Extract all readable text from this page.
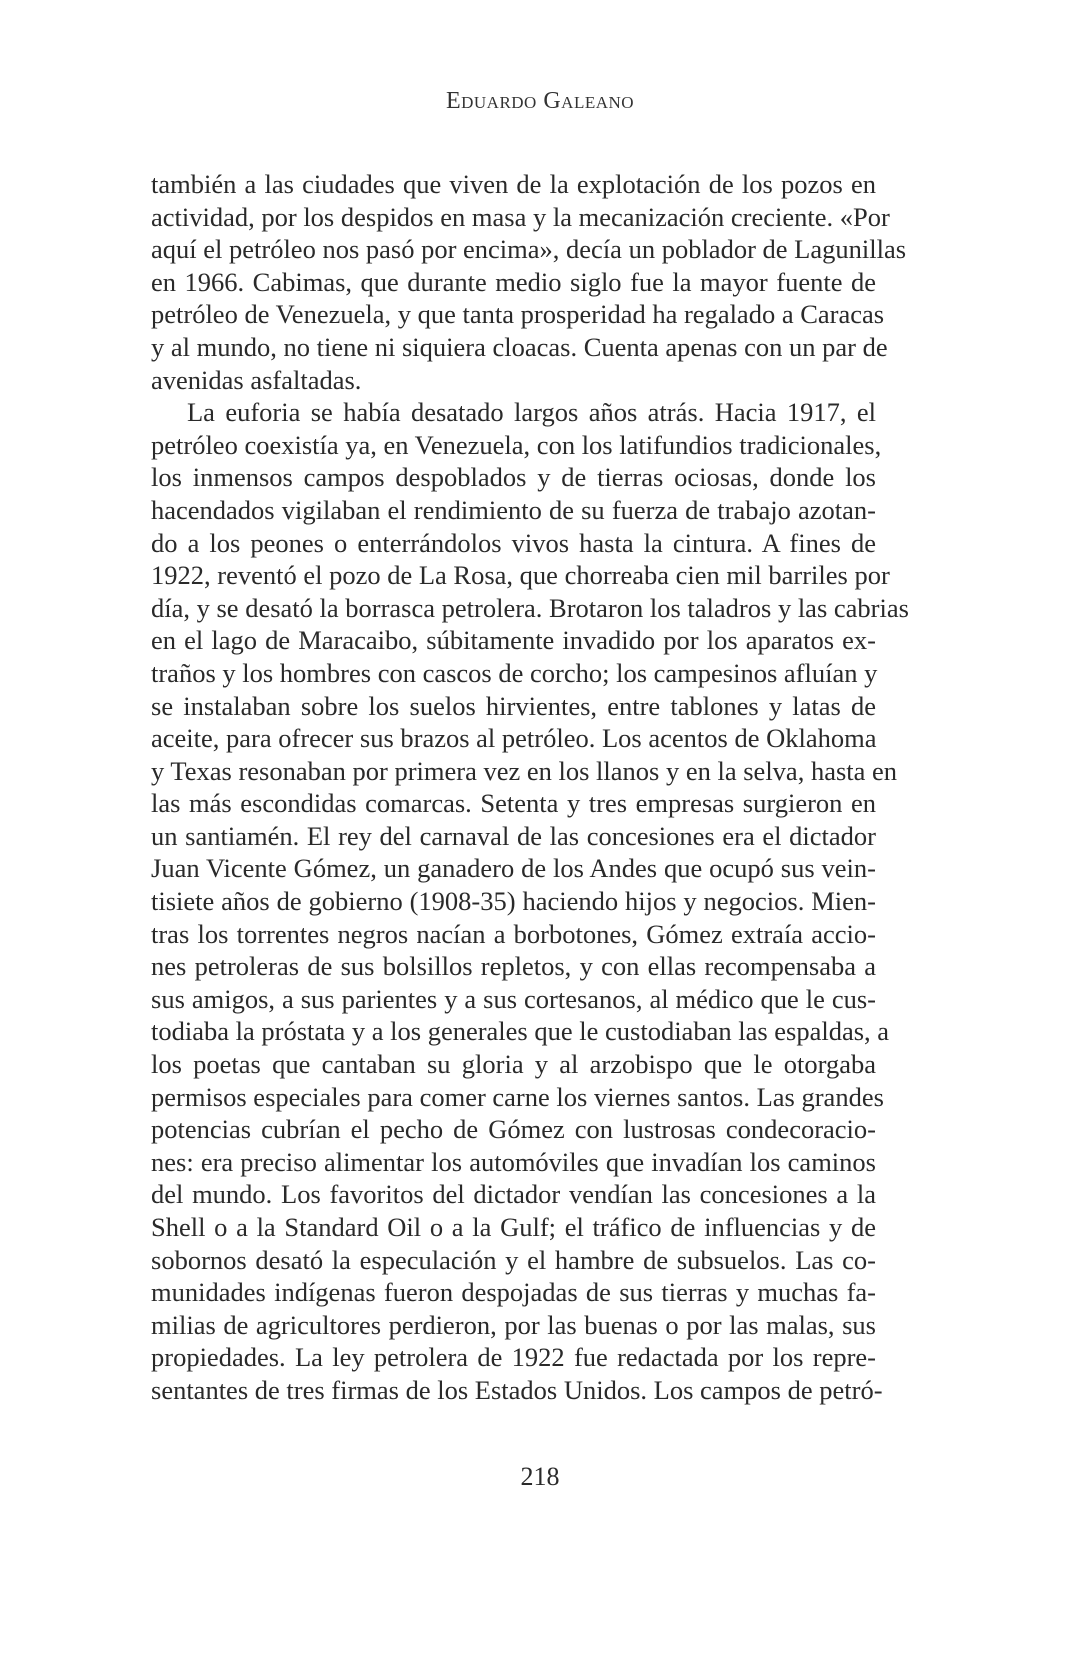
Eduardo Galeano
también a las ciudades que viven de la explotación de los pozos en
actividad, por los despidos en masa y la mecanización creciente. «Por
aquí el petróleo nos pasó por encima», decía un poblador de Lagunillas
en 1966. Cabimas, que durante medio siglo fue la mayor fuente de
petróleo de Venezuela, y que tanta prosperidad ha regalado a Caracas
y al mundo, no tiene ni siquiera cloacas. Cuenta apenas con un par de
avenidas asfaltadas.
La euforia se había desatado largos años atrás. Hacia 1917, el
petróleo coexistía ya, en Venezuela, con los latifundios tradicionales,
los inmensos campos despoblados y de tierras ociosas, donde los
hacendados vigilaban el rendimiento de su fuerza de trabajo azotan-
do a los peones o enterrándolos vivos hasta la cintura. A fines de
1922, reventó el pozo de La Rosa, que chorreaba cien mil barriles por
día, y se desató la borrasca petrolera. Brotaron los taladros y las cabrias
en el lago de Maracaibo, súbitamente invadido por los aparatos ex-
traños y los hombres con cascos de corcho; los campesinos afluían y
se instalaban sobre los suelos hirvientes, entre tablones y latas de
aceite, para ofrecer sus brazos al petróleo. Los acentos de Oklahoma
y Texas resonaban por primera vez en los llanos y en la selva, hasta en
las más escondidas comarcas. Setenta y tres empresas surgieron en
un santiamén. El rey del carnaval de las concesiones era el dictador
Juan Vicente Gómez, un ganadero de los Andes que ocupó sus vein-
tisiete años de gobierno (1908-35) haciendo hijos y negocios. Mien-
tras los torrentes negros nacían a borbotones, Gómez extraía accio-
nes petroleras de sus bolsillos repletos, y con ellas recompensaba a
sus amigos, a sus parientes y a sus cortesanos, al médico que le cus-
todiaba la próstata y a los generales que le custodiaban las espaldas, a
los poetas que cantaban su gloria y al arzobispo que le otorgaba
permisos especiales para comer carne los viernes santos. Las grandes
potencias cubrían el pecho de Gómez con lustrosas condecoracio-
nes: era preciso alimentar los automóviles que invadían los caminos
del mundo. Los favoritos del dictador vendían las concesiones a la
Shell o a la Standard Oil o a la Gulf; el tráfico de influencias y de
sobornos desató la especulación y el hambre de subsuelos. Las co-
munidades indígenas fueron despojadas de sus tierras y muchas fa-
milias de agricultores perdieron, por las buenas o por las malas, sus
propiedades. La ley petrolera de 1922 fue redactada por los repre-
sentantes de tres firmas de los Estados Unidos. Los campos de petró-
218
